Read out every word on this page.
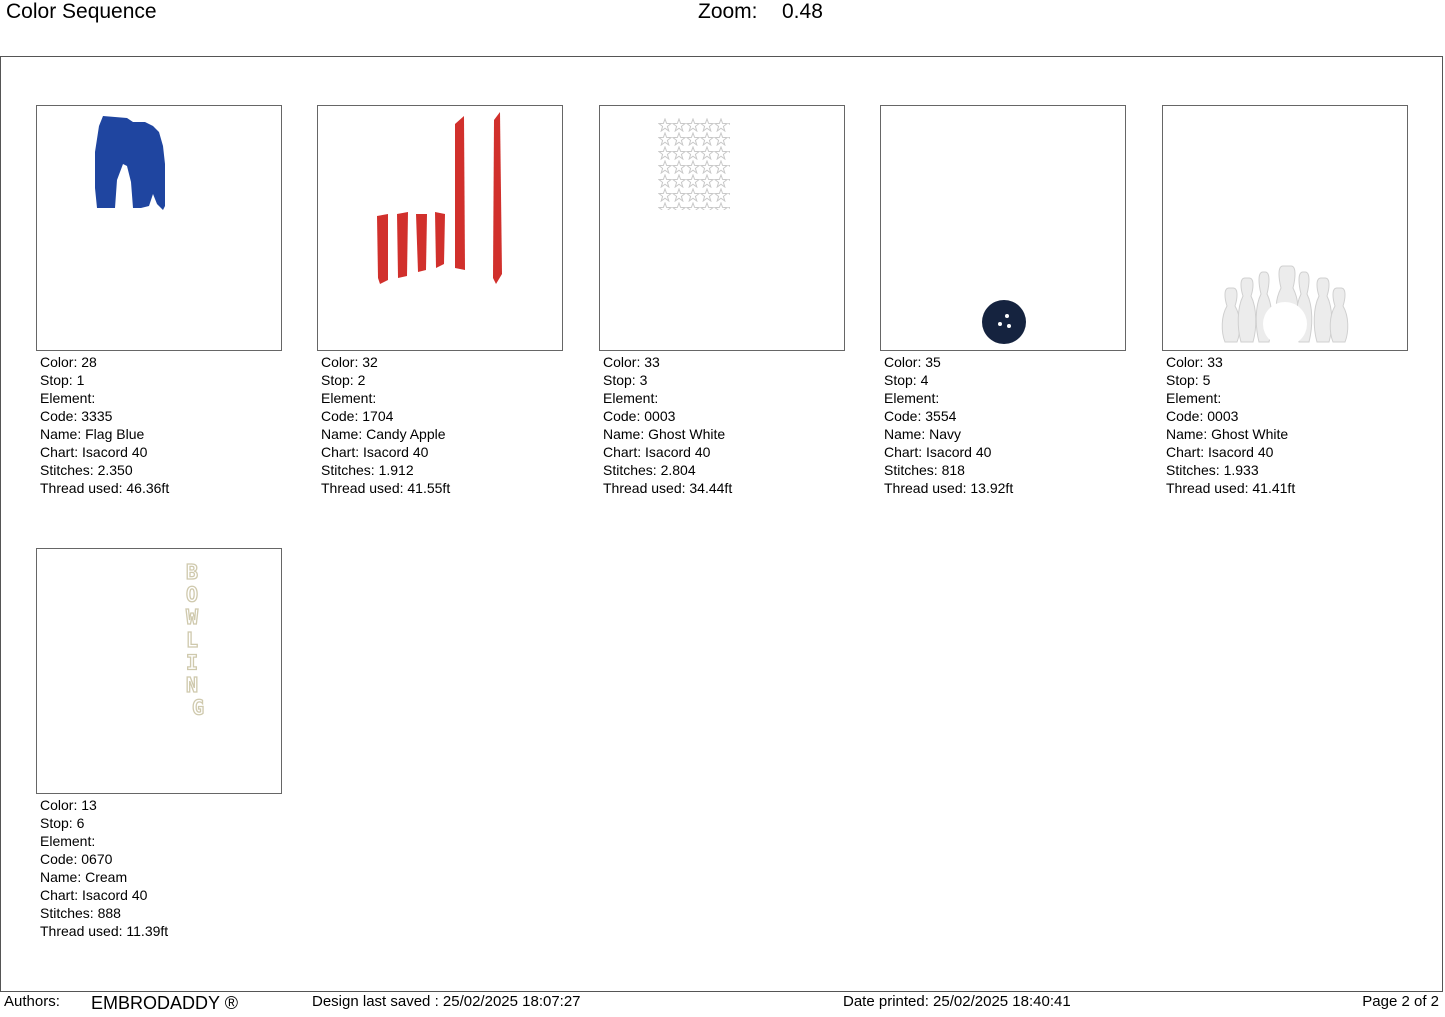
Color Sequence	Zoom: 0.48
Color: 28
Stop: 1
Element:
Code: 3335
Name: Flag Blue
Chart: Isacord 40
Stitches: 2.350
Thread used: 46.36ft
Color: 32
Stop: 2
Element:
Code: 1704
Name: Candy Apple
Chart: Isacord 40
Stitches: 1.912
Thread used: 41.55ft
Color: 33
Stop: 3
Element:
Code: 0003
Name: Ghost White
Chart: Isacord 40
Stitches: 2.804
Thread used: 34.44ft
Color: 35
Stop: 4
Element:
Code: 3554
Name: Navy
Chart: Isacord 40
Stitches: 818
Thread used: 13.92ft
Color: 33
Stop: 5
Element:
Code: 0003
Name: Ghost White
Chart: Isacord 40
Stitches: 1.933
Thread used: 41.41ft
B O W L I N G
Color: 13
Stop: 6
Element:
Code: 0670
Name: Cream
Chart: Isacord 40
Stitches: 888
Thread used: 11.39ft
Authors: EMBRODADDY ®	Design last saved : 25/02/2025 18:07:27	Date printed: 25/02/2025 18:40:41	Page 2 of 2
